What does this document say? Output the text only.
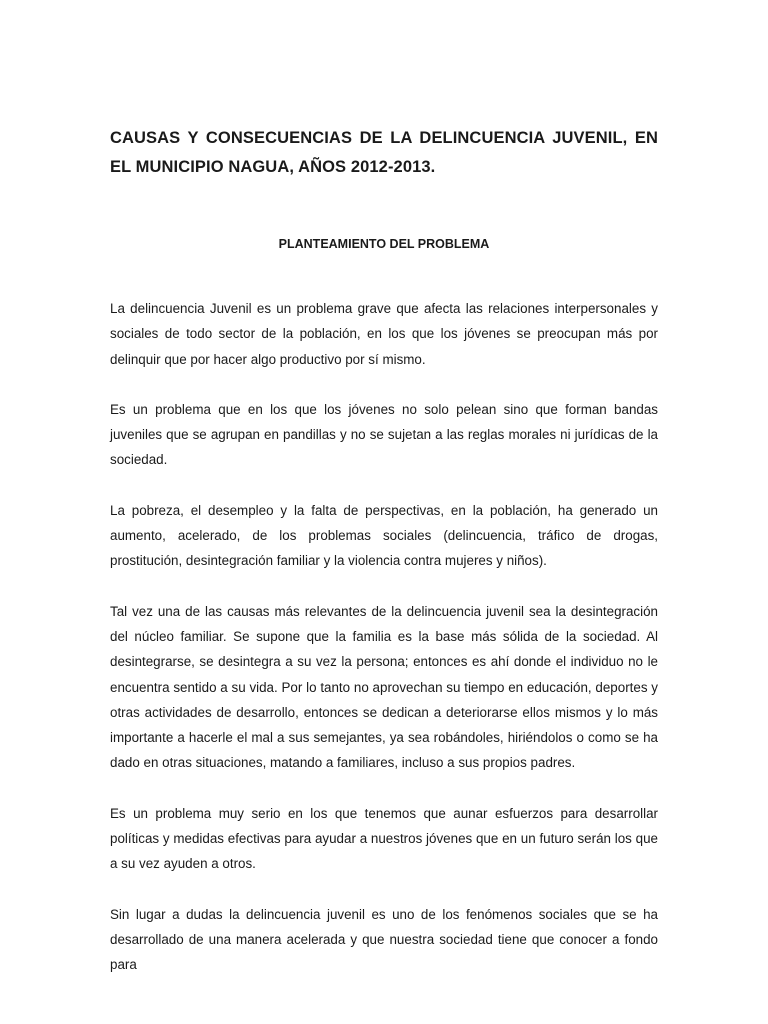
CAUSAS Y CONSECUENCIAS DE LA DELINCUENCIA JUVENIL, EN EL MUNICIPIO NAGUA, AÑOS 2012-2013.
PLANTEAMIENTO DEL PROBLEMA

La delincuencia Juvenil es un problema grave que afecta las relaciones interpersonales y sociales de todo sector de la población, en los que los jóvenes se preocupan más por delinquir que por hacer algo productivo por sí mismo.

Es un problema que en los que los jóvenes no solo pelean sino que forman bandas juveniles que se agrupan en pandillas y no se sujetan a las reglas morales ni jurídicas de la sociedad.

La pobreza, el desempleo y la falta de perspectivas, en la población, ha generado un aumento, acelerado, de los problemas sociales (delincuencia, tráfico de drogas, prostitución, desintegración familiar y la violencia contra mujeres y niños).

Tal vez una de las causas más relevantes de la delincuencia juvenil sea la desintegración del núcleo familiar. Se supone que la familia es la base más sólida de la sociedad. Al desintegrarse, se desintegra a su vez la persona; entonces es ahí donde el individuo no le encuentra sentido a su vida. Por lo tanto no aprovechan su tiempo en educación, deportes y otras actividades de desarrollo, entonces se dedican a deteriorarse ellos mismos y lo más importante a hacerle el mal a sus semejantes, ya sea robándoles, hiriéndolos o como se ha dado en otras situaciones, matando a familiares, incluso a sus propios padres.

Es un problema muy serio en los que tenemos que aunar esfuerzos para desarrollar políticas y medidas efectivas para ayudar a nuestros jóvenes que en un futuro serán los que a su vez ayuden a otros.

Sin lugar a dudas la delincuencia juvenil es uno de los fenómenos sociales que se ha desarrollado de una manera acelerada y que nuestra sociedad tiene que conocer a fondo para
